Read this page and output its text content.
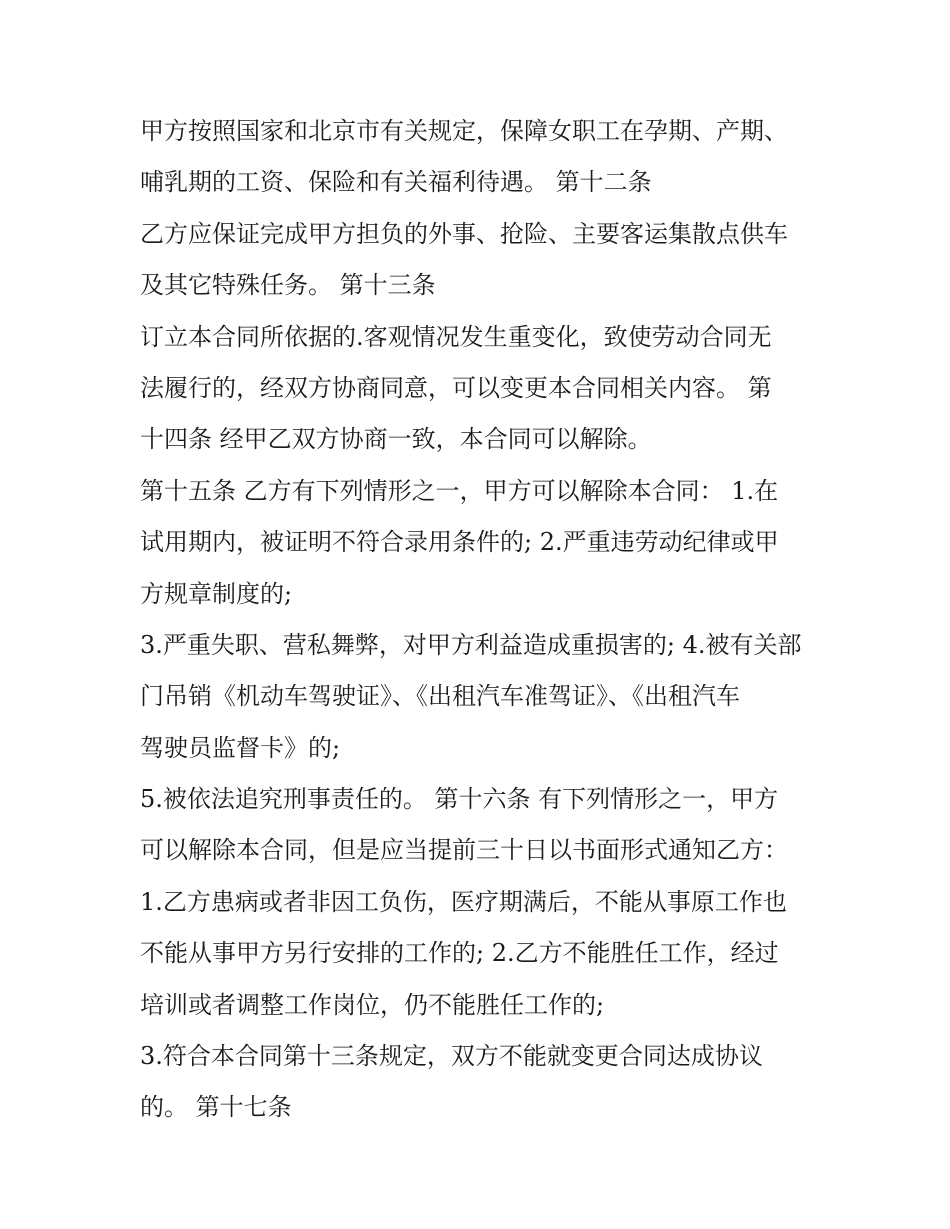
甲方按照国家和北京市有关规定，保障女职工在孕期、产期、
哺乳期的工资、保险和有关福利待遇。 第十二条
乙方应保证完成甲方担负的外事、抢险、主要客运集散点供车
及其它特殊任务。 第十三条
订立本合同所依据的.客观情况发生重变化，致使劳动合同无
法履行的，经双方协商同意，可以变更本合同相关内容。 第
十四条 经甲乙双方协商一致，本合同可以解除。
第十五条 乙方有下列情形之一，甲方可以解除本合同： 1.在
试用期内，被证明不符合录用条件的; 2.严重违劳动纪律或甲
方规章制度的;
3.严重失职、营私舞弊，对甲方利益造成重损害的; 4.被有关部
门吊销《机动车驾驶证》、《出租汽车准驾证》、《出租汽车
驾驶员监督卡》的;
5.被依法追究刑事责任的。 第十六条 有下列情形之一，甲方
可以解除本合同，但是应当提前三十日以书面形式通知乙方：
1.乙方患病或者非因工负伤，医疗期满后，不能从事原工作也
不能从事甲方另行安排的工作的; 2.乙方不能胜任工作，经过
培训或者调整工作岗位，仍不能胜任工作的;
3.符合本合同第十三条规定，双方不能就变更合同达成协议
的。 第十七条
